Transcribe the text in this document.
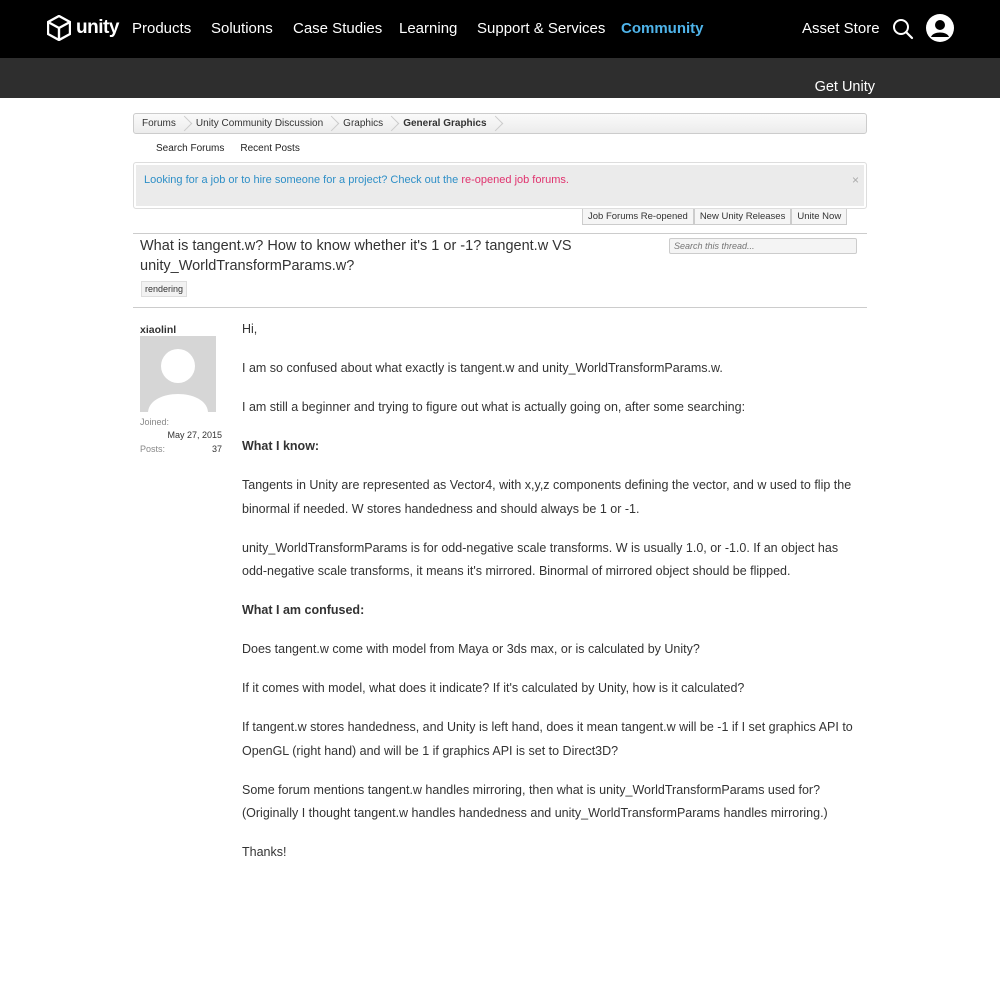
unity Products Solutions Case Studies Learning Support & Services Community	Asset Store
Get Unity
Forums	Unity Community Discussion	Graphics	General Graphics
Search Forums Recent Posts
Looking for a job or to hire someone for a project? Check out the re-opened job forums.	×
Job Forums Re-opened	New Unity Releases	Unite Now
What is tangent.w? How to know whether it's 1 or -1? tangent.w VS unity_WorldTransformParams.w?
Search this thread...
rendering
xiaolinl
Joined:
May 27, 2015
Posts:	37

Hi,

I am so confused about what exactly is tangent.w and unity_WorldTransformParams.w.

I am still a beginner and trying to figure out what is actually going on, after some searching:

What I know:

Tangents in Unity are represented as Vector4, with x,y,z components defining the vector, and w used to flip the binormal if needed. W stores handedness and should always be 1 or -1.

unity_WorldTransformParams is for odd-negative scale transforms. W is usually 1.0, or -1.0. If an object has odd-negative scale transforms, it means it's mirrored. Binormal of mirrored object should be flipped.

What I am confused:

Does tangent.w come with model from Maya or 3ds max, or is calculated by Unity?

If it comes with model, what does it indicate? If it's calculated by Unity, how is it calculated?

If tangent.w stores handedness, and Unity is left hand, does it mean tangent.w will be -1 if I set graphics API to OpenGL (right hand) and will be 1 if graphics API is set to Direct3D?

Some forum mentions tangent.w handles mirroring, then what is unity_WorldTransformParams used for? (Originally I thought tangent.w handles handedness and unity_WorldTransformParams handles mirroring.)

Thanks!
